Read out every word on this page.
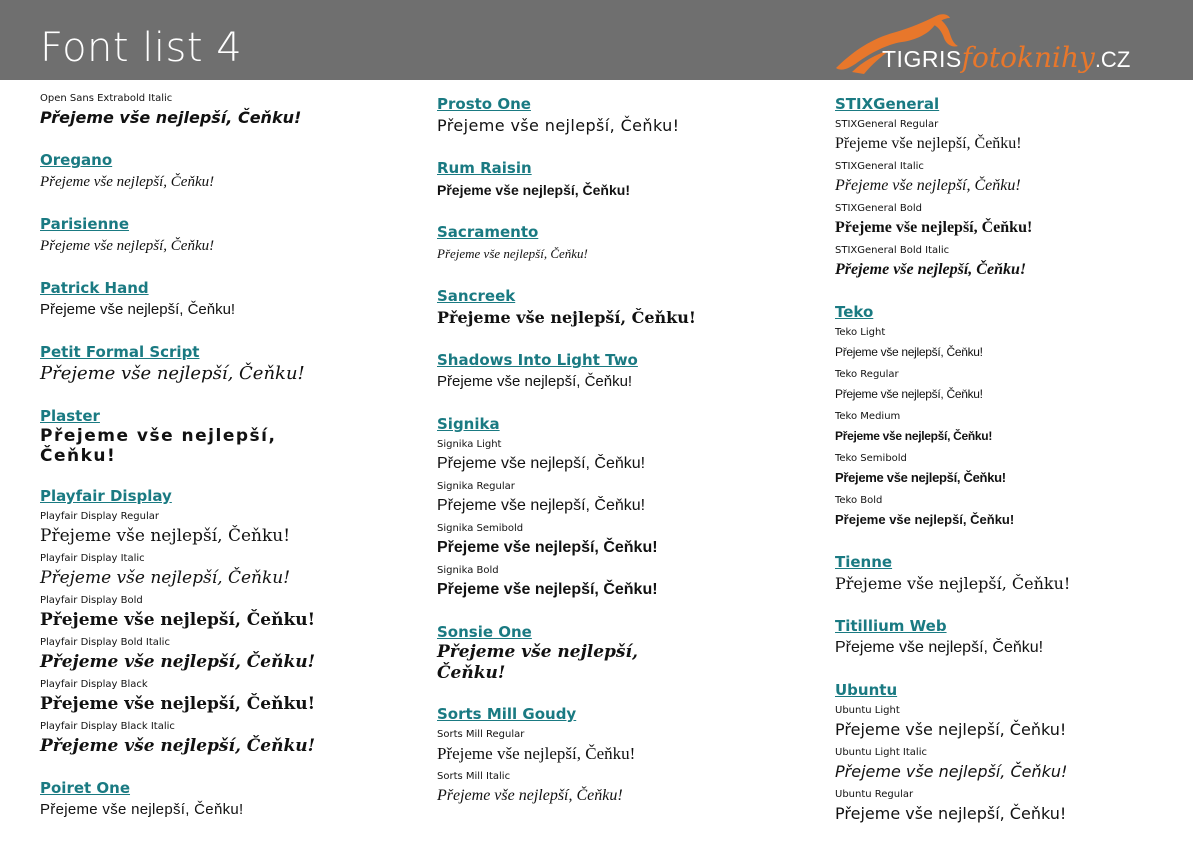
Font list 4	TIGRISfotoknihy.CZ
Open Sans Extrabold Italic
Přejeme vše nejlepší, Čeňku!
Oregano
Přejeme vše nejlepší, Čeňku!
Parisienne
Přejeme vše nejlepší, Čeňku!
Patrick Hand
Přejeme vše nejlepší, Čeňku!
Petit Formal Script
Přejeme vše nejlepší, Čeňku!
Plaster
Přejeme vše nejlepší, Čeňku!
Playfair Display
Playfair Display Regular
Přejeme vše nejlepší, Čeňku!
Playfair Display Italic
Přejeme vše nejlepší, Čeňku!
Playfair Display Bold
Přejeme vše nejlepší, Čeňku!
Playfair Display Bold Italic
Přejeme vše nejlepší, Čeňku!
Playfair Display Black
Přejeme vše nejlepší, Čeňku!
Playfair Display Black Italic
Přejeme vše nejlepší, Čeňku!
Poiret One
Přejeme vše nejlepší, Čeňku!
Prosto One
Přejeme vše nejlepší, Čeňku!
Rum Raisin
Přejeme vše nejlepší, Čeňku!
Sacramento
Přejeme vše nejlepší, Čeňku!
Sancreek
Přejeme vše nejlepší, Čeňku!
Shadows Into Light Two
Přejeme vše nejlepší, Čeňku!
Signika
Signika Light
Přejeme vše nejlepší, Čeňku!
Signika Regular
Přejeme vše nejlepší, Čeňku!
Signika Semibold
Přejeme vše nejlepší, Čeňku!
Signika Bold
Přejeme vše nejlepší, Čeňku!
Sonsie One
Přejeme vše nejlepší, Čeňku!
Sorts Mill Goudy
Sorts Mill Regular
Přejeme vše nejlepší, Čeňku!
Sorts Mill Italic
Přejeme vše nejlepší, Čeňku!
STIXGeneral
STIXGeneral Regular
Přejeme vše nejlepší, Čeňku!
STIXGeneral Italic
Přejeme vše nejlepší, Čeňku!
STIXGeneral Bold
Přejeme vše nejlepší, Čeňku!
STIXGeneral Bold Italic
Přejeme vše nejlepší, Čeňku!
Teko
Teko Light
Přejeme vše nejlepší, Čeňku!
Teko Regular
Přejeme vše nejlepší, Čeňku!
Teko Medium
Přejeme vše nejlepší, Čeňku!
Teko Semibold
Přejeme vše nejlepší, Čeňku!
Teko Bold
Přejeme vše nejlepší, Čeňku!
Tienne
Přejeme vše nejlepší, Čeňku!
Titillium Web
Přejeme vše nejlepší, Čeňku!
Ubuntu
Ubuntu Light
Přejeme vše nejlepší, Čeňku!
Ubuntu Light Italic
Přejeme vše nejlepší, Čeňku!
Ubuntu Regular
Přejeme vše nejlepší, Čeňku!
